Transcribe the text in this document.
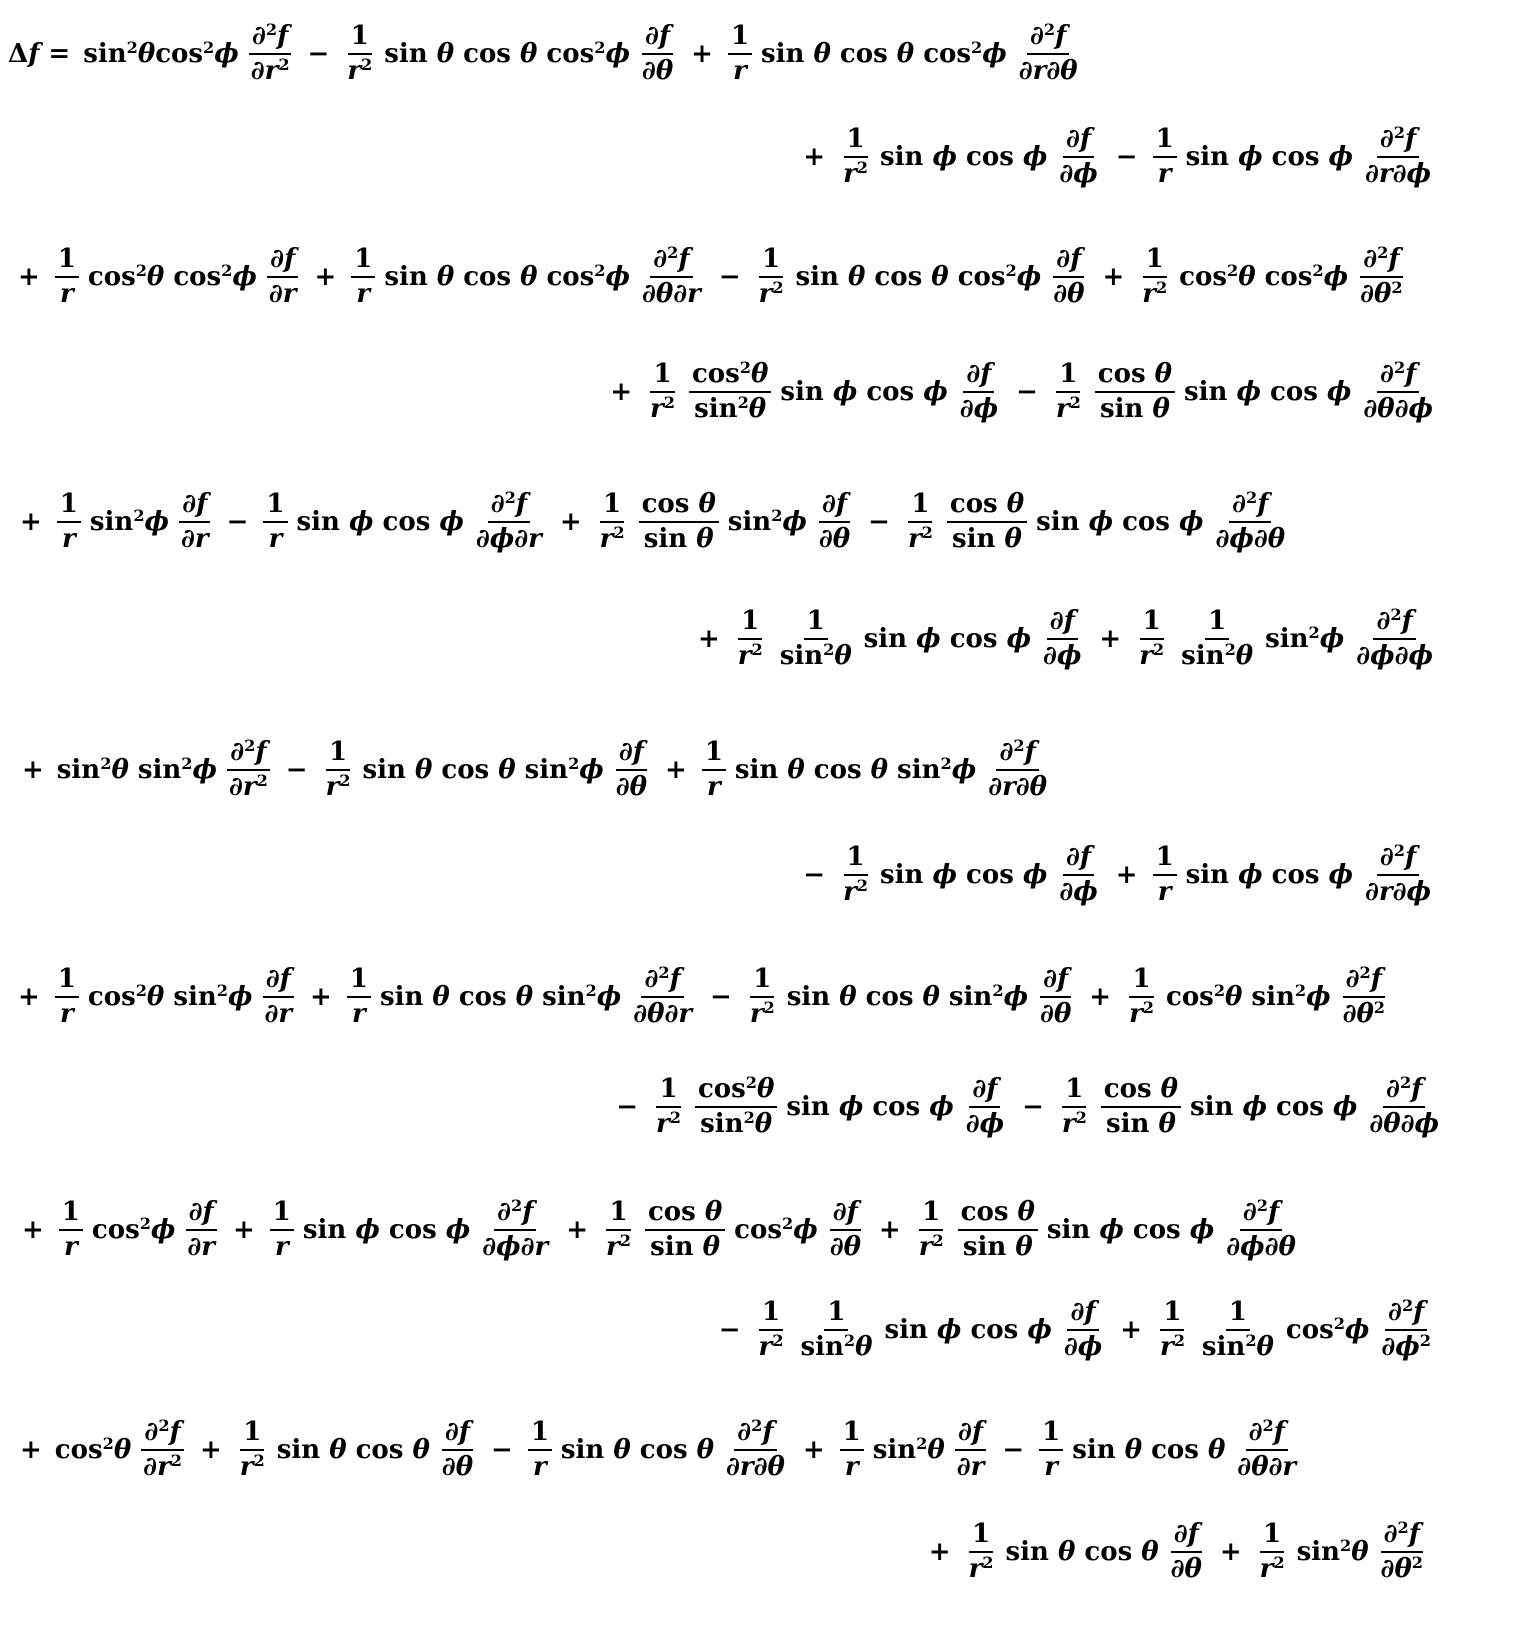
$\Delta f = \sin^2\theta\cos^2\phi \frac{\partial^2f}{\partial r^2} - \frac{1}{r^2}$ sin θ cos θ $\cos^2\phi \frac{\partial f}{\partial\theta} + \frac{1}{r}$ sin θ cos θ $\cos^2\phi \frac{\partial^2f}{\partial r\partial\theta}$
+ $\frac{1}{r^2}$ sin ϕ cos ϕ $\frac{\partial f}{\partial\phi} - \frac{1}{r}$ sin ϕ cos ϕ $\frac{\partial^2f}{\partial r\partial\phi}$
+ $\frac{1}{r} \cos^2\theta$ $\cos^2\phi \frac{\partial f}{\partial r} + \frac{1}{r}$ sin θ cos θ $\cos^2\phi \frac{\partial^2f}{\partial\theta\partial r} - \frac{1}{r^2}$ sin θ cos θ $\cos^2\phi \frac{\partial f}{\partial\theta} + \frac{1}{r^2} \cos^2\theta$ $\cos^2\phi \frac{\partial^2f}{\partial\theta^2}$
+ $\frac{1}{r^2} \frac{\cos^2\theta}{\sin^2\theta}$ sin ϕ cos ϕ $\frac{\partial f}{\partial\phi} - \frac{1}{r^2} \frac{\text{cos θ}}{\text{sin θ}}$ sin ϕ cos ϕ $\frac{\partial^2f}{\partial\theta\partial\phi}$
+ $\frac{1}{r} \sin^2\phi \frac{\partial f}{\partial r} - \frac{1}{r}$ sin ϕ cos ϕ $\frac{\partial^2f}{\partial\phi\partial r} + \frac{1}{r^2} \frac{\text{cos θ}}{\text{sin θ}} \sin^2\phi \frac{\partial f}{\partial\theta} - \frac{1}{r^2} \frac{\text{cos θ}}{\text{sin θ}}$ sin ϕ cos ϕ $\frac{\partial^2f}{\partial\phi\partial\theta}$
+ $\frac{1}{r^2} \frac{1}{\sin^2\theta}$ sin ϕ cos ϕ $\frac{\partial f}{\partial\phi} + \frac{1}{r^2} \frac{1}{\sin^2\theta} \sin^2\phi \frac{\partial^2f}{\partial\phi\partial\phi}$
+ $\sin^2\theta$ $\sin^2\phi \frac{\partial^2f}{\partial r^2} - \frac{1}{r^2}$ sin θ cos θ $\sin^2\phi \frac{\partial f}{\partial\theta} + \frac{1}{r}$ sin θ cos θ $\sin^2\phi \frac{\partial^2f}{\partial r\partial\theta}$
− $\frac{1}{r^2}$ sin ϕ cos ϕ $\frac{\partial f}{\partial\phi} + \frac{1}{r}$ sin ϕ cos ϕ $\frac{\partial^2f}{\partial r\partial\phi}$
+ $\frac{1}{r} \cos^2\theta$ $\sin^2\phi \frac{\partial f}{\partial r} + \frac{1}{r}$ sin θ cos θ $\sin^2\phi \frac{\partial^2f}{\partial\theta\partial r} - \frac{1}{r^2}$ sin θ cos θ $\sin^2\phi \frac{\partial f}{\partial\theta} + \frac{1}{r^2} \cos^2\theta$ $\sin^2\phi \frac{\partial^2f}{\partial\theta^2}$
− $\frac{1}{r^2} \frac{\cos^2\theta}{\sin^2\theta}$ sin ϕ cos ϕ $\frac{\partial f}{\partial\phi} - \frac{1}{r^2} \frac{\text{cos θ}}{\text{sin θ}}$ sin ϕ cos ϕ $\frac{\partial^2f}{\partial\theta\partial\phi}$
+ $\frac{1}{r} \cos^2\phi \frac{\partial f}{\partial r} + \frac{1}{r}$ sin ϕ cos ϕ $\frac{\partial^2f}{\partial\phi\partial r} + \frac{1}{r^2} \frac{\text{cos θ}}{\text{sin θ}} \cos^2\phi \frac{\partial f}{\partial\theta} + \frac{1}{r^2} \frac{\text{cos θ}}{\text{sin θ}}$ sin ϕ cos ϕ $\frac{\partial^2f}{\partial\phi\partial\theta}$
− $\frac{1}{r^2} \frac{1}{\sin^2\theta}$ sin ϕ cos ϕ $\frac{\partial f}{\partial\phi} + \frac{1}{r^2} \frac{1}{\sin^2\theta} \cos^2\phi \frac{\partial^2f}{\partial\phi^2}$
+ $\cos^2\theta \frac{\partial^2f}{\partial r^2} + \frac{1}{r^2}$ sin θ cos θ $\frac{\partial f}{\partial\theta} - \frac{1}{r}$ sin θ cos θ $\frac{\partial^2f}{\partial r\partial\theta} + \frac{1}{r} \sin^2\theta \frac{\partial f}{\partial r} - \frac{1}{r}$ sin θ cos θ $\frac{\partial^2f}{\partial\theta\partial r}$
+ $\frac{1}{r^2}$ sin θ cos θ $\frac{\partial f}{\partial\theta} + \frac{1}{r^2} \sin^2\theta \frac{\partial^2f}{\partial\theta^2}$
